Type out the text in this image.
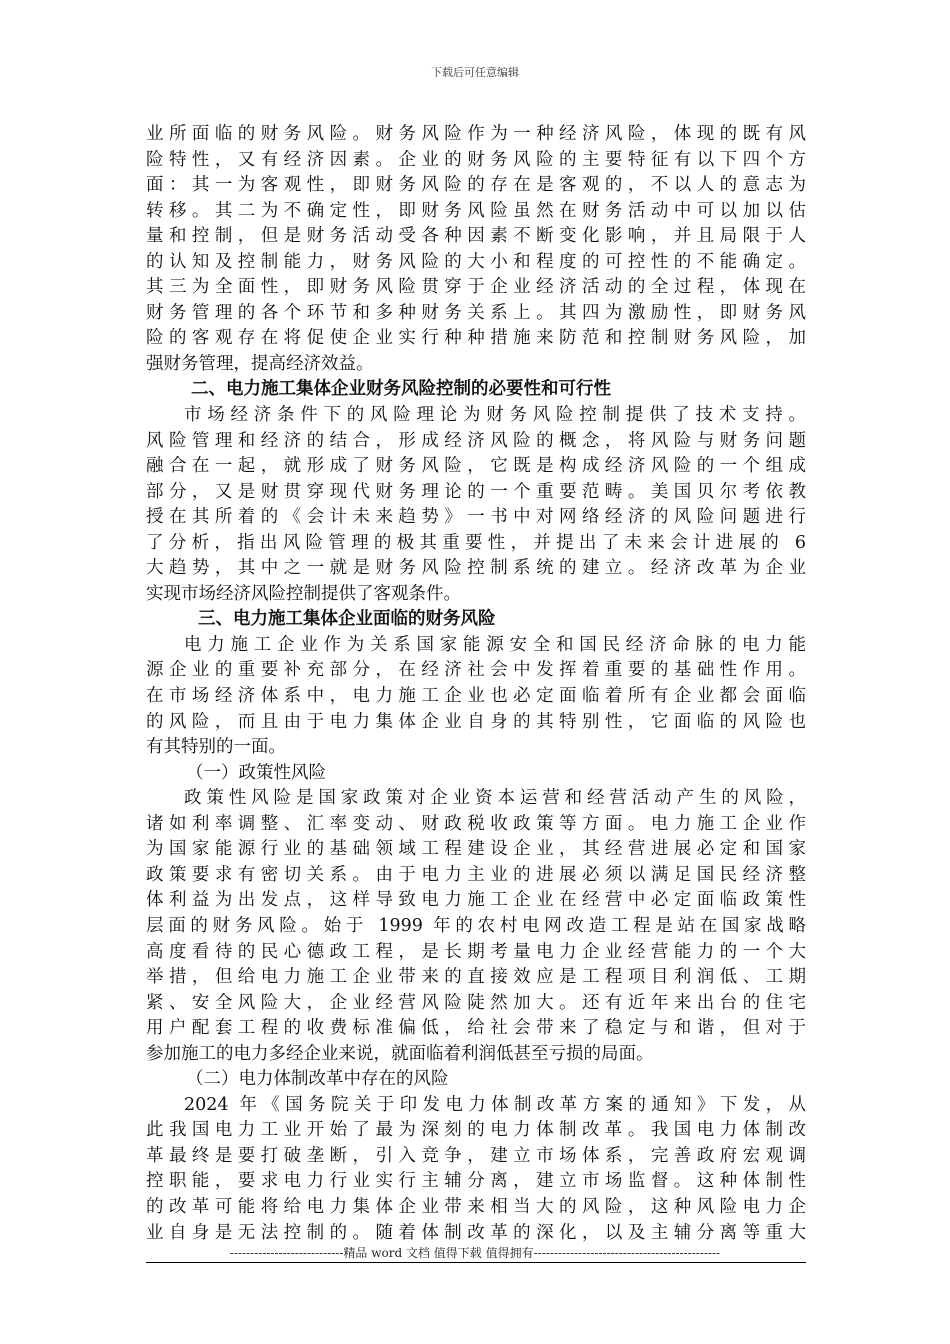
下载后可任意编辑
业所面临的财务风险。财务风险作为一种经济风险，体现的既有风
险特性，又有经济因素。企业的财务风险的主要特征有以下四个方
面：其一为客观性，即财务风险的存在是客观的，不以人的意志为
转移。其二为不确定性，即财务风险虽然在财务活动中可以加以估
量和控制，但是财务活动受各种因素不断变化影响，并且局限于人
的认知及控制能力，财务风险的大小和程度的可控性的不能确定。
其三为全面性，即财务风险贯穿于企业经济活动的全过程，体现在
财务管理的各个环节和多种财务关系上。其四为激励性，即财务风
险的客观存在将促使企业实行种种措施来防范和控制财务风险，加
强财务管理，提高经济效益。
二、电力施工集体企业财务风险控制的必要性和可行性
市场经济条件下的风险理论为财务风险控制提供了技术支持。
风险管理和经济的结合，形成经济风险的概念，将风险与财务问题
融合在一起，就形成了财务风险，它既是构成经济风险的一个组成
部分，又是财贯穿现代财务理论的一个重要范畴。美国贝尔考依教
授在其所着的《会计未来趋势》一书中对网络经济的风险问题进行
了分析，指出风险管理的极其重要性，并提出了未来会计进展的 6
大趋势，其中之一就是财务风险控制系统的建立。经济改革为企业
实现市场经济风险控制提供了客观条件。
三、电力施工集体企业面临的财务风险
电力施工企业作为关系国家能源安全和国民经济命脉的电力能
源企业的重要补充部分，在经济社会中发挥着重要的基础性作用。
在市场经济体系中，电力施工企业也必定面临着所有企业都会面临
的风险，而且由于电力集体企业自身的其特别性，它面临的风险也
有其特别的一面。
（一）政策性风险
政策性风险是国家政策对企业资本运营和经营活动产生的风险，
诸如利率调整、汇率变动、财政税收政策等方面。电力施工企业作
为国家能源行业的基础领域工程建设企业，其经营进展必定和国家
政策要求有密切关系。由于电力主业的进展必须以满足国民经济整
体利益为出发点，这样导致电力施工企业在经营中必定面临政策性
层面的财务风险。始于 1999 年的农村电网改造工程是站在国家战略
高度看待的民心德政工程，是长期考量电力企业经营能力的一个大
举措，但给电力施工企业带来的直接效应是工程项目利润低、工期
紧、安全风险大，企业经营风险陡然加大。还有近年来出台的住宅
用户配套工程的收费标准偏低，给社会带来了稳定与和谐，但对于
参加施工的电力多经企业来说，就面临着利润低甚至亏损的局面。
（二）电力体制改革中存在的风险
2024 年《国务院关于印发电力体制改革方案的通知》下发，从
此我国电力工业开始了最为深刻的电力体制改革。我国电力体制改
革最终是要打破垄断，引入竞争，建立市场体系，完善政府宏观调
控职能，要求电力行业实行主辅分离，建立市场监督。这种体制性
的改革可能将给电力集体企业带来相当大的风险，这种风险电力企
业自身是无法控制的。随着体制改革的深化，以及主辅分离等重大
----------------------------精品 word 文档 值得下载 值得拥有----------------------------------------------
